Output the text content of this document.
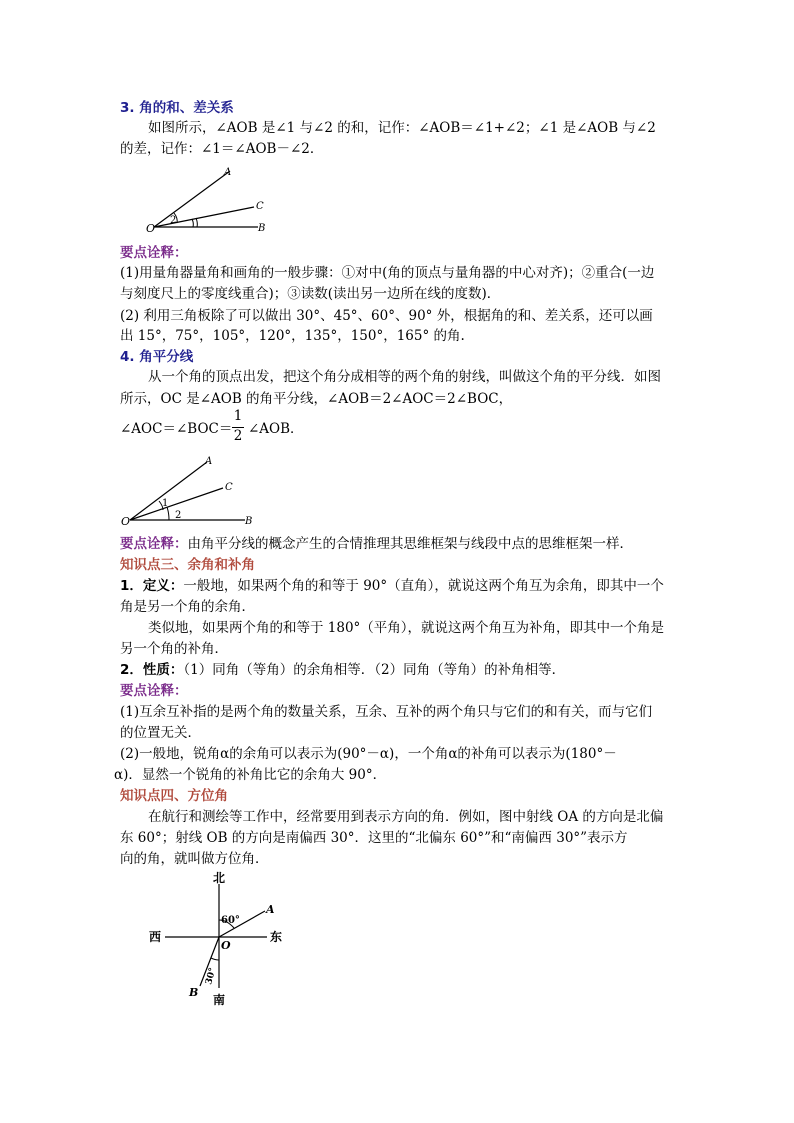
3. 角的和、差关系
如图所示，∠AOB 是∠1 与∠2 的和，记作：∠AOB＝∠1+∠2；∠1 是∠AOB 与∠2
的差，记作：∠1＝∠AOB－∠2．
A
C
B
O
2
要点诠释：
(1)用量角器量角和画角的一般步骤：①对中(角的顶点与量角器的中心对齐)；②重合(一边
与刻度尺上的零度线重合)；③读数(读出另一边所在线的度数)．
(2) 利用三角板除了可以做出 30°、45°、60°、90° 外，根据角的和、差关系，还可以画
出 15°，75°，105°，120°，135°，150°，165° 的角.
4. 角平分线
从一个角的顶点出发，把这个角分成相等的两个角的射线，叫做这个角的平分线．如图
所示，OC 是∠AOB 的角平分线，∠AOB＝2∠AOC＝2∠BOC，
∠AOC＝∠BOC＝
1
2 ∠AOB．
A
C
B
O
1
2
要点诠释：由角平分线的概念产生的合情推理其思维框架与线段中点的思维框架一样．
知识点三、余角和补角
1．定义：一般地，如果两个角的和等于 90°（直角），就说这两个角互为余角，即其中一个
角是另一个角的余角．
类似地，如果两个角的和等于 180°（平角），就说这两个角互为补角，即其中一个角是
另一个角的补角．
2．性质：（1）同角（等角）的余角相等．（2）同角（等角）的补角相等．
要点诠释：
(1)互余互补指的是两个角的数量关系，互余、互补的两个角只与它们的和有关，而与它们
的位置无关．
(2)一般地，锐角α的余角可以表示为(90°－α)，一个角α的补角可以表示为(180°－
α)．显然一个锐角的补角比它的余角大 90°．
知识点四、方位角
在航行和测绘等工作中，经常要用到表示方向的角．例如，图中射线 OA 的方向是北偏
东 60°；射线 OB 的方向是南偏西 30°．这里的“北偏东 60°”和“南偏西 30°”表示方
向的角，就叫做方位角．
北
南
东
西
O
A
B
60°
30°
